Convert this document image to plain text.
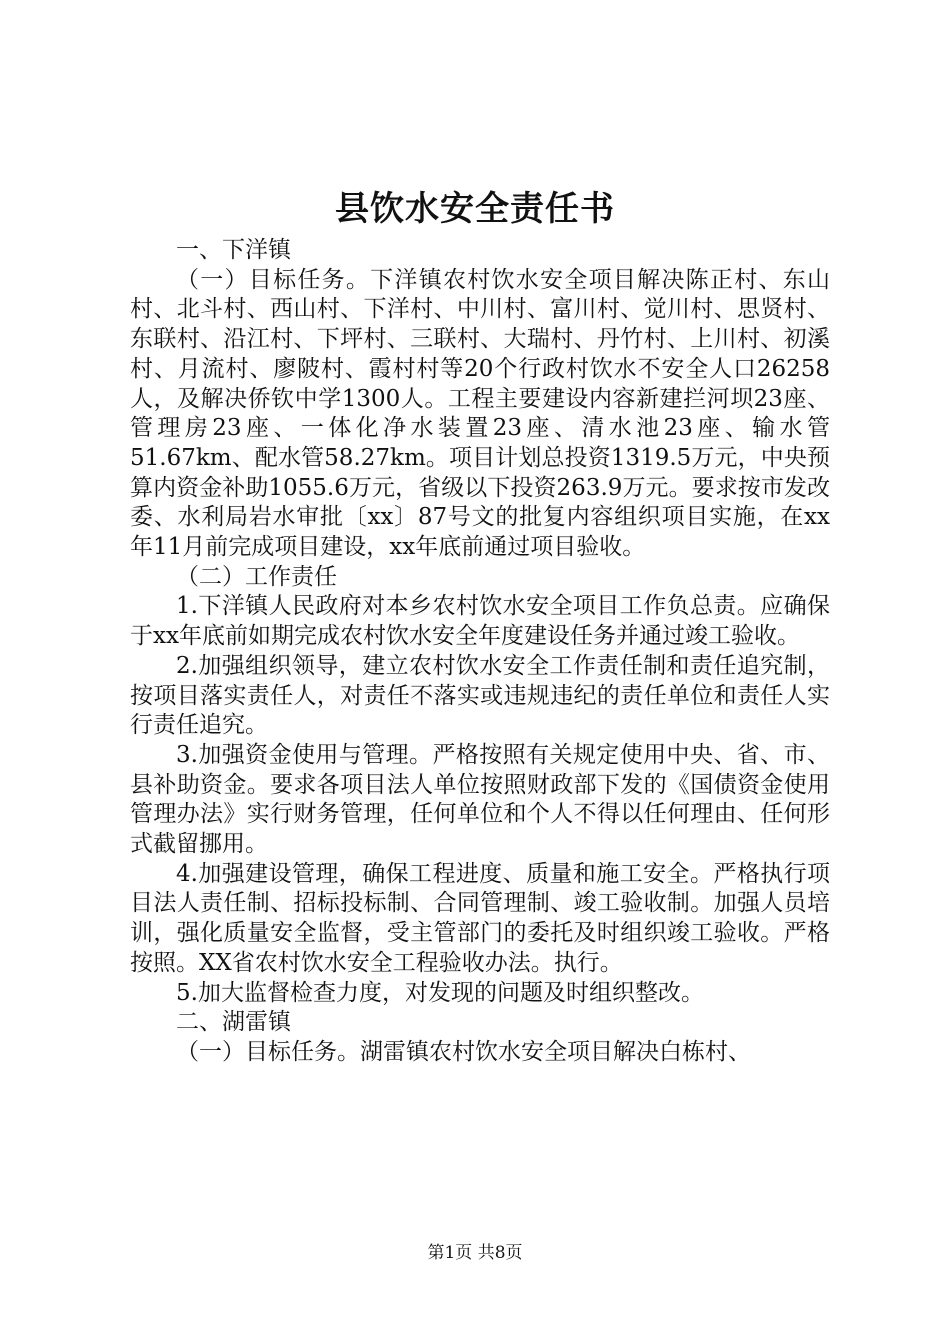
县饮水安全责任书

一、下洋镇

（一）目标任务。下洋镇农村饮水安全项目解决陈正村、东山村、北斗村、西山村、下洋村、中川村、富川村、觉川村、思贤村、东联村、沿江村、下坪村、三联村、大瑞村、丹竹村、上川村、初溪村、月流村、廖陂村、霞村村等20个行政村饮水不安全人口26258人，及解决侨钦中学1300人。工程主要建设内容新建拦河坝23座、管理房23座、一体化净水装置23座、清水池23座、输水管51.67km、配水管58.27km。项目计划总投资1319.5万元，中央预算内资金补助1055.6万元，省级以下投资263.9万元。要求按市发改委、水利局岩水审批〔xx〕87号文的批复内容组织项目实施，在xx年11月前完成项目建设，xx年底前通过项目验收。

（二）工作责任

1.下洋镇人民政府对本乡农村饮水安全项目工作负总责。应确保于xx年底前如期完成农村饮水安全年度建设任务并通过竣工验收。

2.加强组织领导，建立农村饮水安全工作责任制和责任追究制，按项目落实责任人，对责任不落实或违规违纪的责任单位和责任人实行责任追究。

3.加强资金使用与管理。严格按照有关规定使用中央、省、市、县补助资金。要求各项目法人单位按照财政部下发的《国债资金使用管理办法》实行财务管理，任何单位和个人不得以任何理由、任何形式截留挪用。

4.加强建设管理，确保工程进度、质量和施工安全。严格执行项目法人责任制、招标投标制、合同管理制、竣工验收制。加强人员培训，强化质量安全监督，受主管部门的委托及时组织竣工验收。严格按照。XX省农村饮水安全工程验收办法。执行。

5.加大监督检查力度，对发现的问题及时组织整改。

二、湖雷镇

（一）目标任务。湖雷镇农村饮水安全项目解决白栋村、

第1页 共8页
